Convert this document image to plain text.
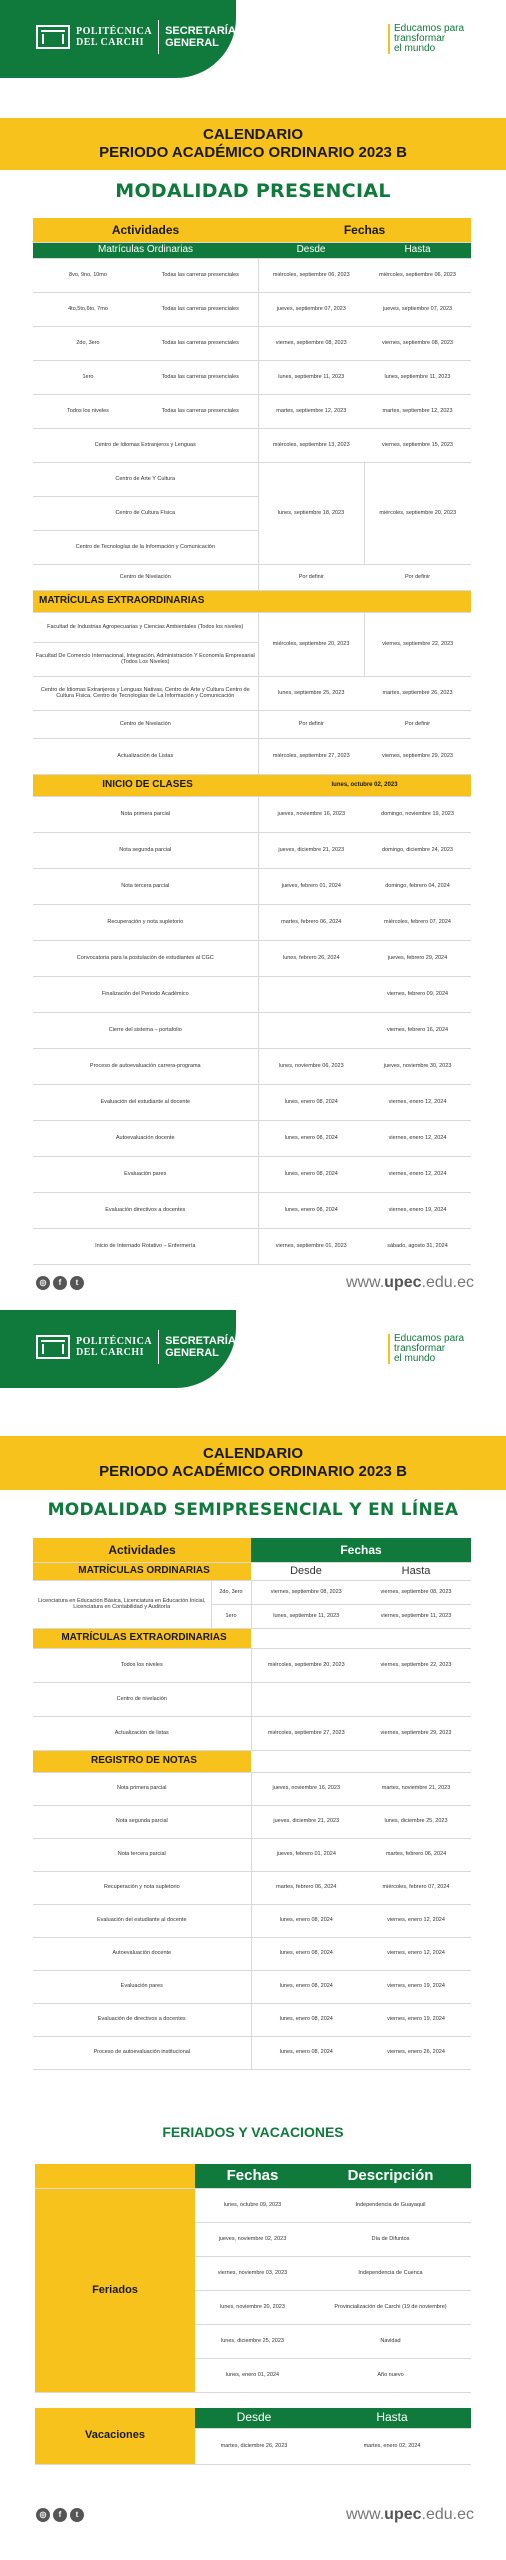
POLITÉCNICA
DEL CARCHI
SECRETARÍA
GENERAL
Educamos para
transformar
el mundo
CALENDARIO
PERIODO ACADÉMICO ORDINARIO 2023 B
MODALIDAD PRESENCIAL
Actividades		Fechas	
Matrículas Ordinarias		Desde	Hasta
8vo, 9no, 10mo	Todas las carreras presenciales	miércoles, septiembre 06, 2023	miércoles, septiembre 06, 2023
4to,5to,6to, 7mo	Todas las carreras presenciales	jueves, septiembre 07, 2023	jueves, septiembre 07, 2023
2do, 3ero	Todas las carreras presenciales	viernes, septiembre 08, 2023	viernes, septiembre 08, 2023
1ero	Todas las carreras presenciales	lunes, septiembre 11, 2023	lunes, septiembre 11, 2023
Todos los niveles	Todas las carreras presenciales	martes, septiembre 12, 2023	martes, septiembre 12, 2023
Centro de Idiomas Extranjeros y Lenguas		miércoles, septiembre 13, 2023	viernes, septiembre 15, 2023
Centro de Arte Y Cultura		lunes, septiembre 18, 2023	miércoles, septiembre 20, 2023
Centro de Cultura Física			
Centro de Tecnologías de la Información y Comunicación			
Centro de Nivelación		Por definir	Por definir
MATRÍCULAS EXTRAORDINARIAS			
Facultad de Industrias Agropecuarias y Ciencias Ambientales (Todos los niveles)		miércoles, septiembre 20, 2023	viernes, septiembre 22, 2023
Facultad De Comercio Internacional, Integración, Administración Y Economía Empresarial (Todos Los Niveles)			
Centro de Idiomas Extranjeros y Lenguas Nativas, Centro de Arte y Cultura Centro de Cultura Física, Centro de Tecnologías de La Información y Comunicación		lunes, septiembre 25, 2023	martes, septiembre 26, 2023
Centro de Nivelación		Por definir	Por definir
Actualización de Listas		miércoles, septiembre 27, 2023	viernes, septiembre 29, 2023
INICIO DE CLASES		lunes, octubre 02, 2023	
Nota primera parcial		jueves, noviembre 16, 2023	domingo, noviembre 19, 2023
Nota segunda parcial		jueves, diciembre 21, 2023	domingo, diciembre 24, 2023
Nota tercera parcial		jueves, febrero 01, 2024	domingo, febrero 04, 2024
Recuperación y nota supletorio		martes, febrero 06, 2024	miércoles, febrero 07, 2024
Convocatoria para la postulación de estudiantes al CGC		lunes, febrero 26, 2024	jueves, febrero 29, 2024
Finalización del Periodo Académico			viernes, febrero 09, 2024
Cierre del sistema – portafolio			viernes, febrero 16, 2024
Proceso de autoevaluación carrera-programa		lunes, noviembre 06, 2023	jueves, noviembre 30, 2023
Evaluación del estudiante al docente		lunes, enero 08, 2024	viernes, enero 12, 2024
Autoevaluación docente		lunes, enero 08, 2024	viernes, enero 12, 2024
Evaluación pares		lunes, enero 08, 2024	viernes, enero 12, 2024
Evaluación directivos a docentes		lunes, enero 08, 2024	viernes, enero 19, 2024
Inicio de Internado Rotativo – Enfermería		viernes, septiembre 01, 2023	sábado, agosto 31, 2024
◎	f	t	www.upec.edu.ec
POLITÉCNICA
DEL CARCHI
SECRETARÍA
GENERAL
Educamos para
transformar
el mundo
CALENDARIO
PERIODO ACADÉMICO ORDINARIO 2023 B
MODALIDAD SEMIPRESENCIAL Y EN LÍNEA
Actividades		Fechas	
MATRÍCULAS ORDINARIAS		Desde	Hasta
Licenciatura en Educación Básica, Licenciatura en Educación Inicial, Licenciatura en Contabilidad y Auditoría	2do, 3ero	viernes, septiembre 08, 2023	viernes, septiembre 08, 2023
	1ero	lunes, septiembre 11, 2023	viernes, septiembre 11, 2023
MATRÍCULAS EXTRAORDINARIAS			
Todos los niveles		miércoles, septiembre 20, 2023	viernes, septiembre 22, 2023
Centro de nivelación			
Actualización de listas		miércoles, septiembre 27, 2023	viernes, septiembre 29, 2023
REGISTRO DE NOTAS			
Nota primera parcial		jueves, noviembre 16, 2023	martes, noviembre 21, 2023
Nota segunda parcial		jueves, diciembre 21, 2023	lunes, diciembre 25, 2023
Nota tercera parcial		jueves, febrero 01, 2024	martes, febrero 06, 2024
Recuperación y nota supletorio		martes, febrero 06, 2024	miércoles, febrero 07, 2024
Evaluación del estudiante al docente		lunes, enero 08, 2024	viernes, enero 12, 2024
Autoevaluación docente		lunes, enero 08, 2024	viernes, enero 12, 2024
Evaluación pares		lunes, enero 08, 2024	viernes, enero 19, 2024
Evaluación de directivos a docentes		lunes, enero 08, 2024	viernes, enero 19, 2024
Proceso de autoevaluación institucional		lunes, enero 08, 2024	viernes, enero 26, 2024
FERIADOS Y VACACIONES
	Fechas	Descripción
Feriados	lunes, octubre 09, 2023	Independencia de Guayaquil
	jueves, noviembre 02, 2023	Día de Difuntos
	viernes, noviembre 03, 2023	Independencia de Cuenca
	lunes, noviembre 20, 2023	Provincialización de Carchi (19 de noviembre)
	lunes, diciembre 25, 2023	Navidad
	lunes, enero 01, 2024	Año nuevo
Vacaciones	Desde	Hasta
	martes, diciembre 26, 2023	martes, enero 02, 2024
◎	f	t	www.upec.edu.ec
